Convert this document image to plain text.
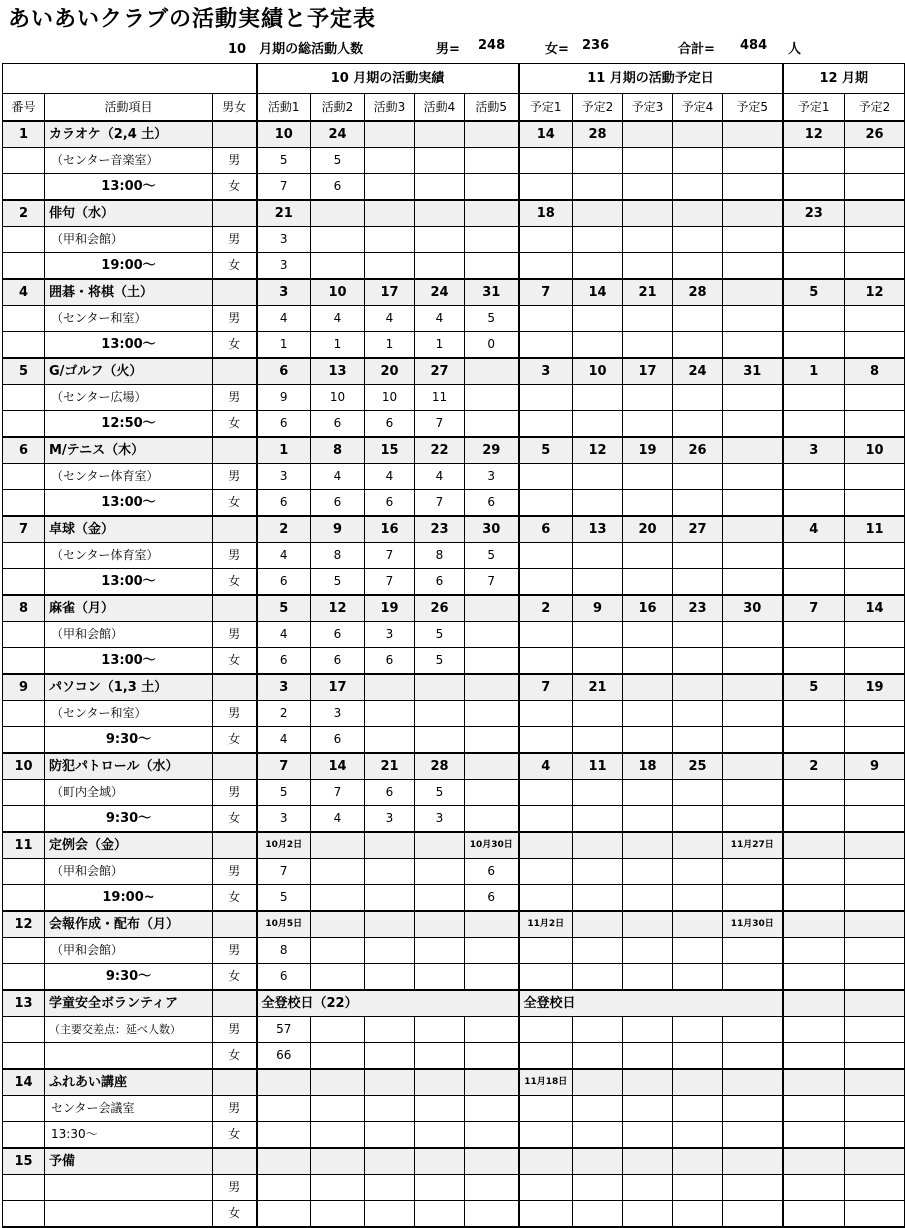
あいあいクラブの活動実績と予定表
10　月期の総活動人数	男= 248	女= 236	合計= 484 人
			10 月期の活動実績					11 月期の活動予定日					12 月期	
番号	活動項目	男女	活動1	活動2	活動3	活動4	活動5	予定1	予定2	予定3	予定4	予定5	予定1	予定2
1	カラオケ（2,4 土）		10	24				14	28				12	26
	（センター音楽室）	男	5	5										
	13:00～	女	7	6										
2	俳句（水）		21					18					23	
	（甲和会館）	男	3											
	19:00～	女	3											
4	囲碁・将棋（土）		3	10	17	24	31	7	14	21	28		5	12
	（センター和室）	男	4	4	4	4	5							
	13:00～	女	1	1	1	1	0							
5	G/ゴルフ（火）		6	13	20	27		3	10	17	24	31	1	8
	（センター広場）	男	9	10	10	11								
	12:50～	女	6	6	6	7								
6	M/テニス（木）		1	8	15	22	29	5	12	19	26		3	10
	（センター体育室）	男	3	4	4	4	3							
	13:00～	女	6	6	6	7	6							
7	卓球（金）		2	9	16	23	30	6	13	20	27		4	11
	（センター体育室）	男	4	8	7	8	5							
	13:00～	女	6	5	7	6	7							
8	麻雀（月）		5	12	19	26		2	9	16	23	30	7	14
	（甲和会館）	男	4	6	3	5								
	13:00～	女	6	6	6	5								
9	パソコン（1,3 土）		3	17				7	21				5	19
	（センター和室）	男	2	3										
	9:30～	女	4	6										
10	防犯パトロール（水）		7	14	21	28		4	11	18	25		2	9
	（町内全域）	男	5	7	6	5								
	9:30～	女	3	4	3	3								
11	定例会（金）		10月2日				10月30日					11月27日		
	（甲和会館）	男	7				6							
	19:00~	女	5				6							
12	会報作成・配布（月）		10月5日					11月2日				11月30日		
	（甲和会館）	男	8											
	9:30～	女	6											
13	学童安全ボランティア		全登校日（22）					全登校日						
	（主要交差点：延べ人数）	男	57											
		女	66											
14	ふれあい講座							11月18日						
	センター会議室	男												
	13:30～	女												
15	予備													
		男												
		女												
